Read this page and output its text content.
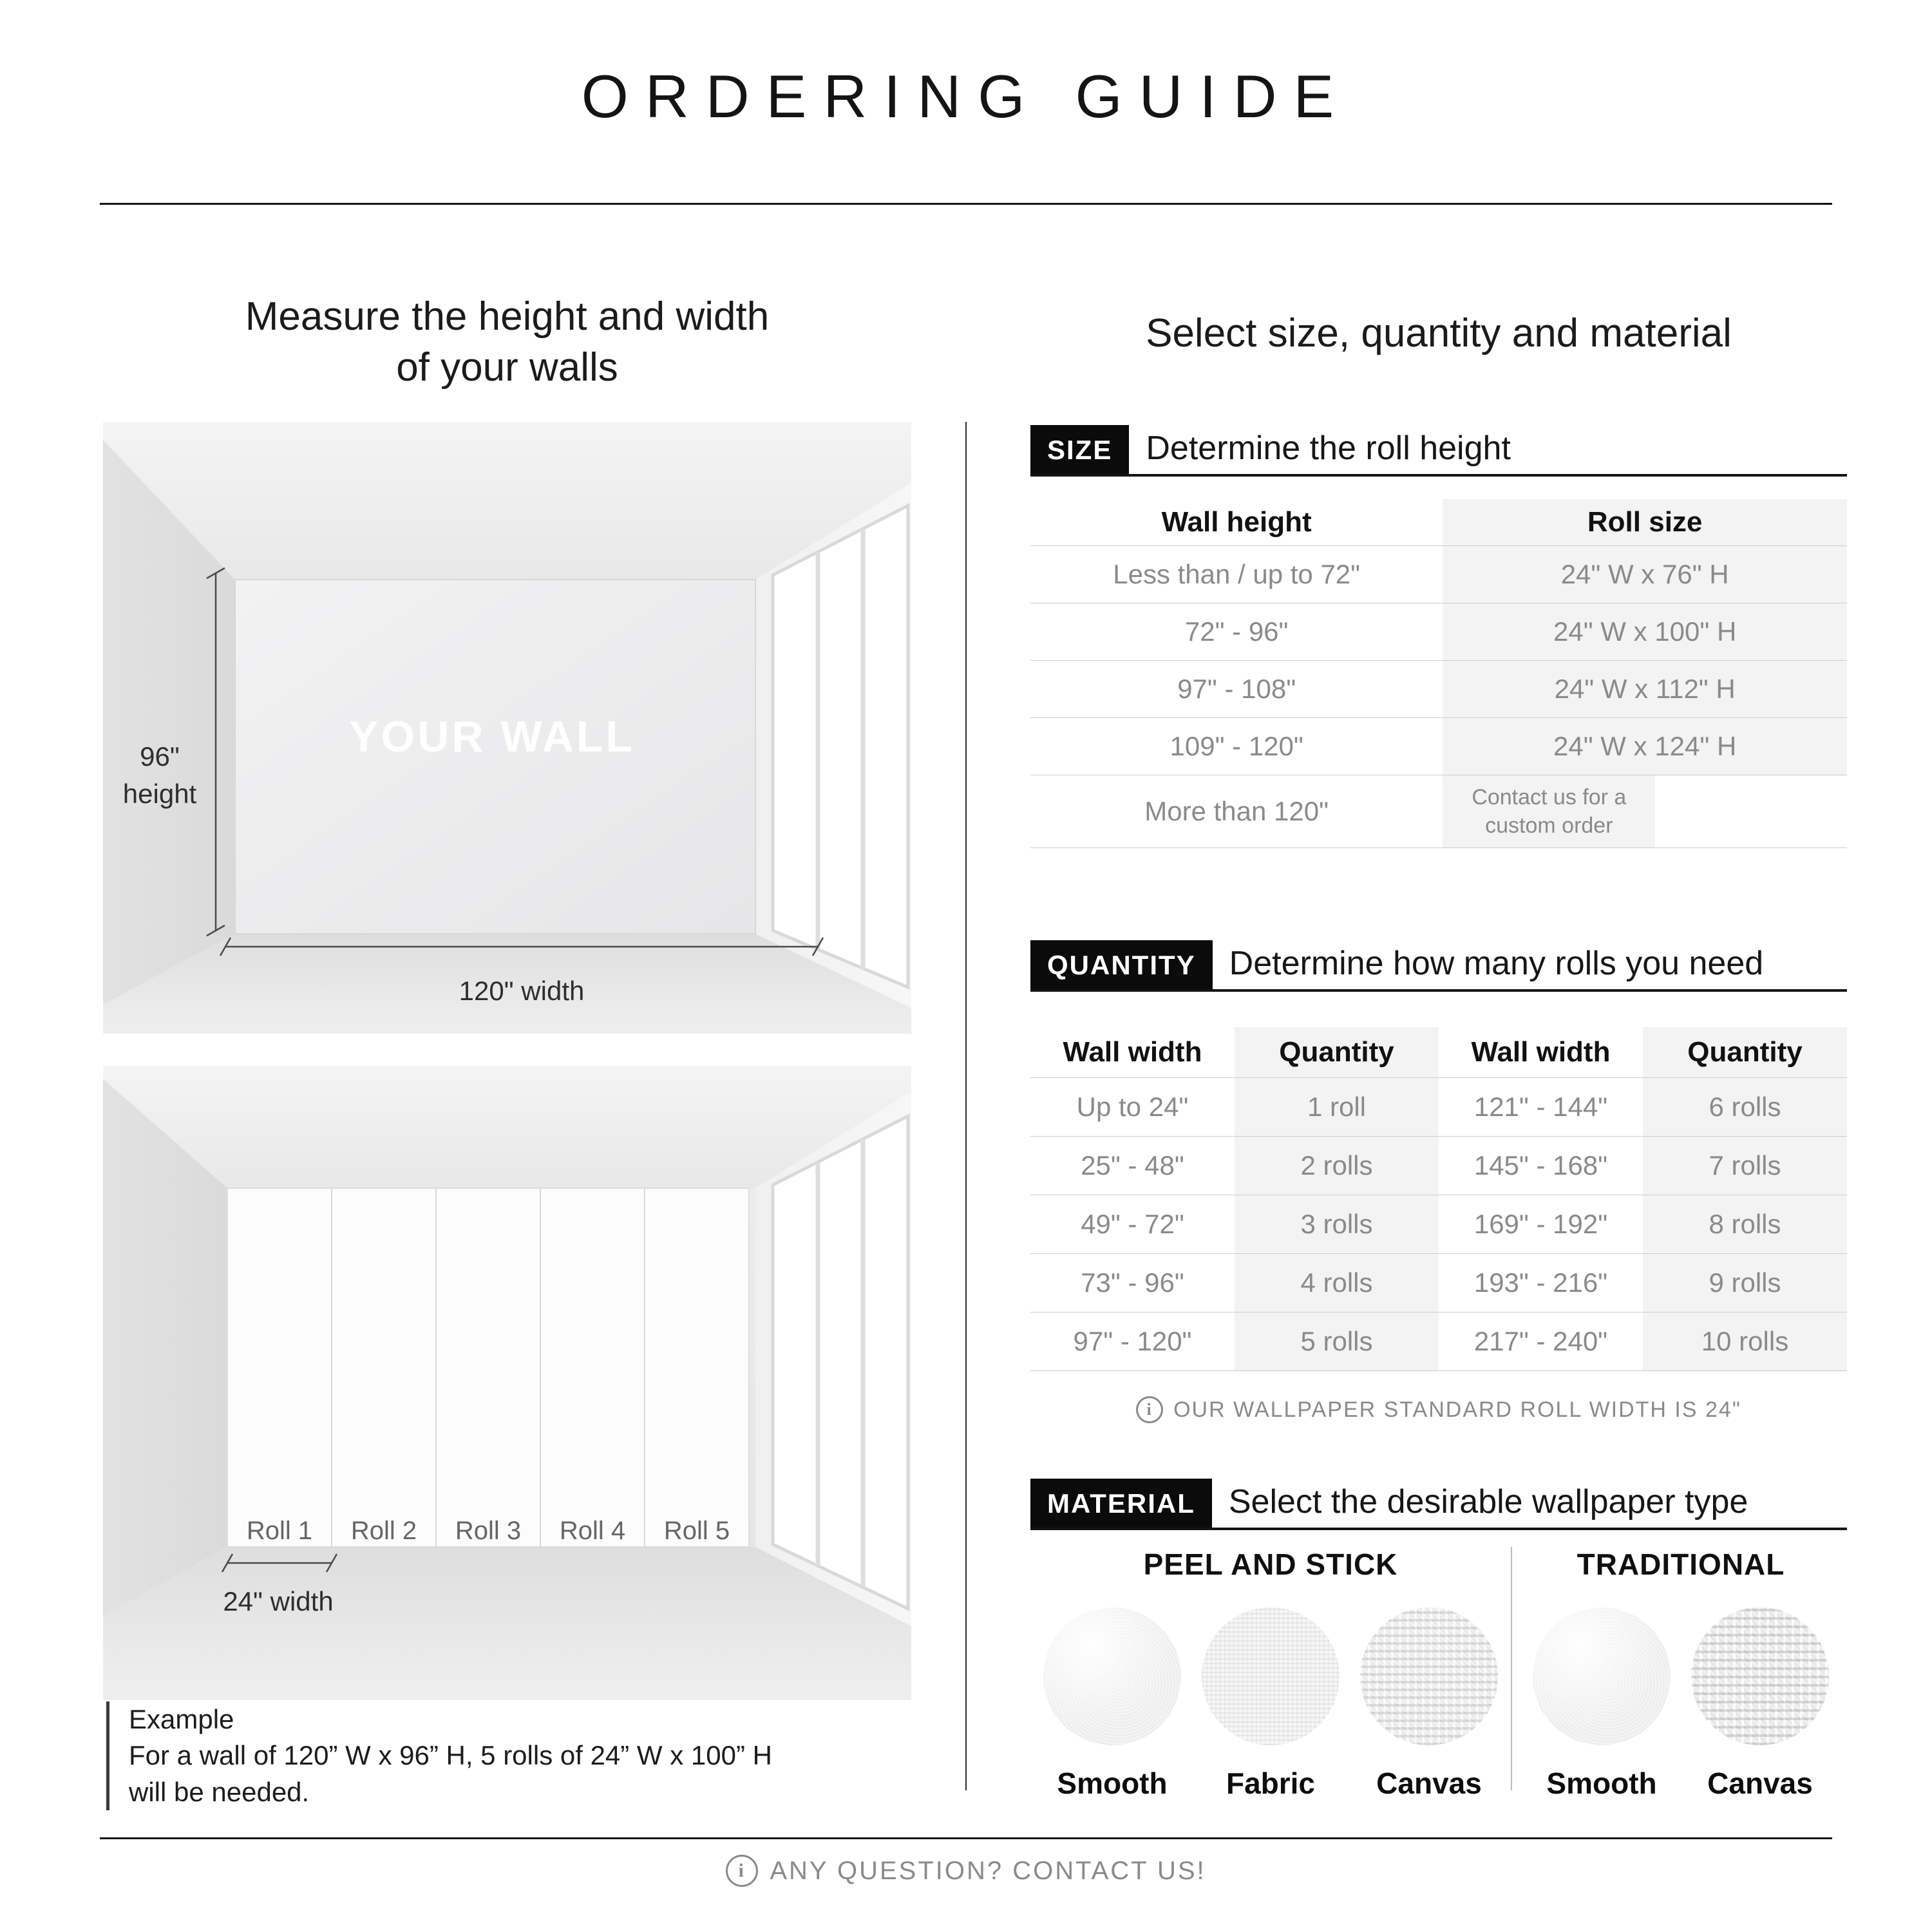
ORDERING GUIDE
Measure the height and width
of your walls
Select size, quantity and material
YOUR WALL
96"
height
120" width
Roll 1 Roll 2 Roll 3 Roll 4 Roll 5
24" width
Example
For a wall of 120” W x 96” H, 5 rolls of 24” W x 100” H
will be needed.
SIZE	Determine the roll height
Wall height	Roll size
Less than / up to 72"	24" W x 76" H
72" - 96"	24" W x 100" H
97" - 108"	24" W x 112" H
109" - 120"	24" W x 124" H
More than 120"	Contact us for a custom order
QUANTITY	Determine how many rolls you need
Wall width	Quantity	Wall width	Quantity
Up to 24"	1 roll	121" - 144"	6 rolls
25" - 48"	2 rolls	145" - 168"	7 rolls
49" - 72"	3 rolls	169" - 192"	8 rolls
73" - 96"	4 rolls	193" - 216"	9 rolls
97" - 120"	5 rolls	217" - 240"	10 rolls
i
OUR WALLPAPER STANDARD ROLL WIDTH IS 24"
MATERIAL	Select the desirable wallpaper type
PEEL AND STICK
Smooth Fabric Canvas
TRADITIONAL
Smooth Canvas
i
ANY QUESTION? CONTACT US!
